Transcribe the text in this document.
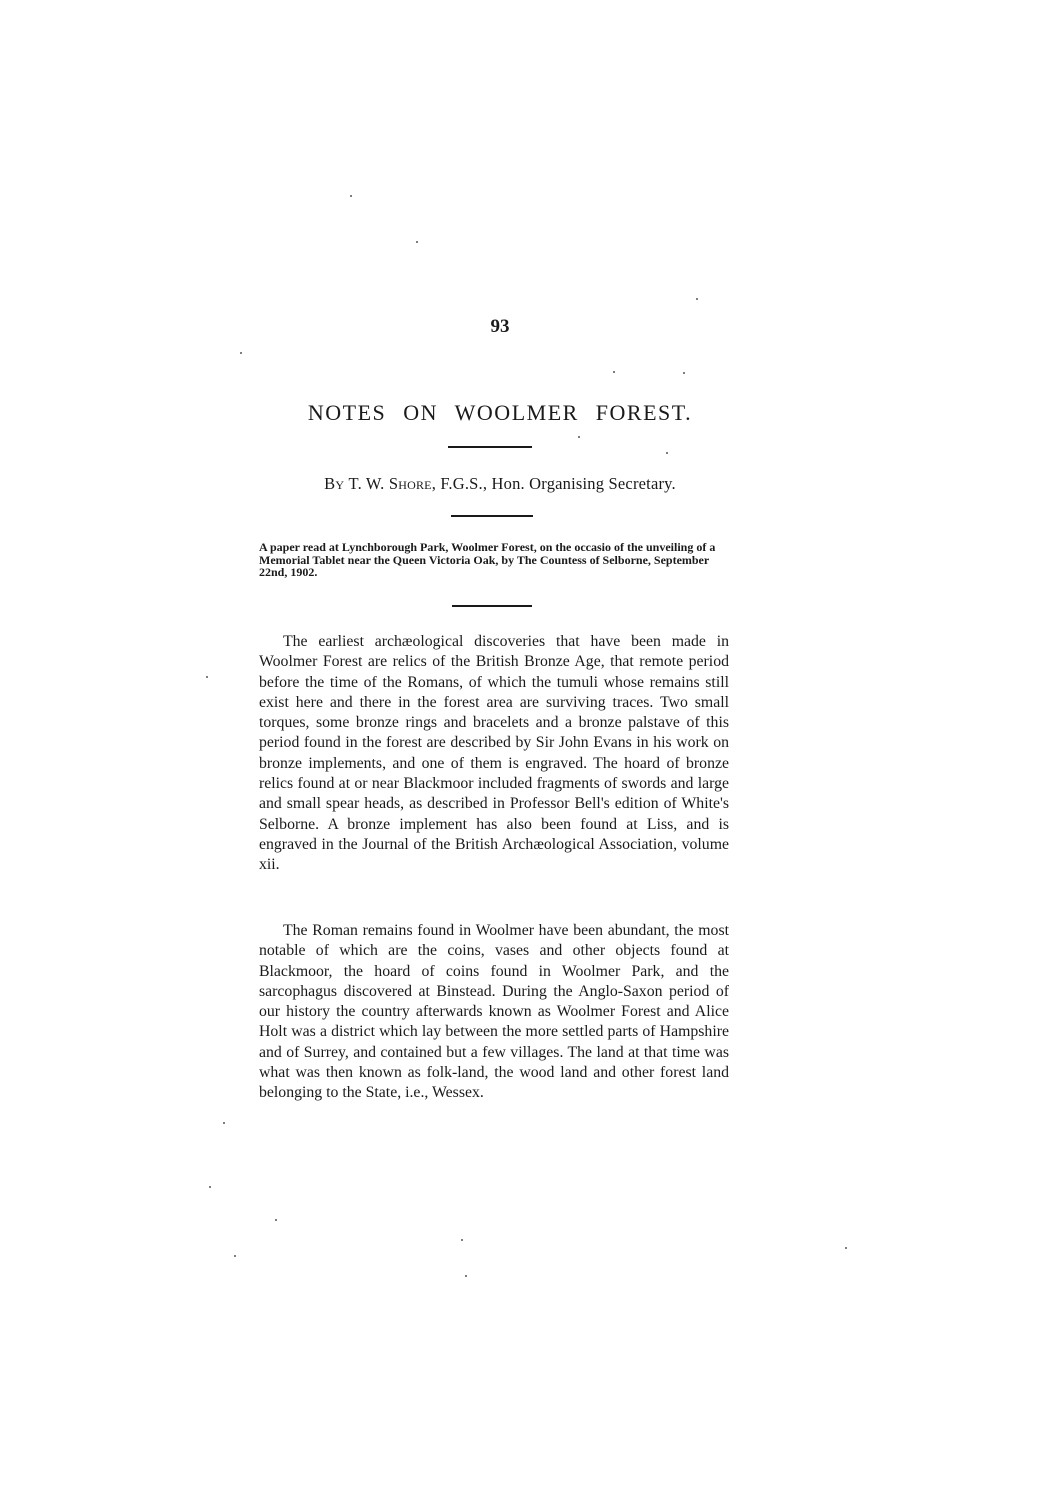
93
NOTES ON WOOLMER FOREST.
By T. W. Shore, F.G.S., Hon. Organising Secretary.
A paper read at Lynchborough Park, Woolmer Forest, on the occasio of the unveiling of a Memorial Tablet near the Queen Victoria Oak, by The Countess of Selborne, September 22nd, 1902.

The earliest archæological discoveries that have been made in Woolmer Forest are relics of the British Bronze Age, that remote period before the time of the Romans, of which the tumuli whose remains still exist here and there in the forest area are surviving traces. Two small torques, some bronze rings and bracelets and a bronze palstave of this period found in the forest are described by Sir John Evans in his work on bronze implements, and one of them is engraved. The hoard of bronze relics found at or near Blackmoor included fragments of swords and large and small spear heads, as described in Professor Bell's edition of White's Selborne. A bronze implement has also been found at Liss, and is engraved in the Journal of the British Archæological Association, volume xii.

The Roman remains found in Woolmer have been abundant, the most notable of which are the coins, vases and other objects found at Blackmoor, the hoard of coins found in Woolmer Park, and the sarcophagus discovered at Binstead. During the Anglo-Saxon period of our history the country afterwards known as Woolmer Forest and Alice Holt was a district which lay between the more settled parts of Hampshire and of Surrey, and contained but a few villages. The land at that time was what was then known as folk-land, the wood land and other forest land belonging to the State, i.e., Wessex.
